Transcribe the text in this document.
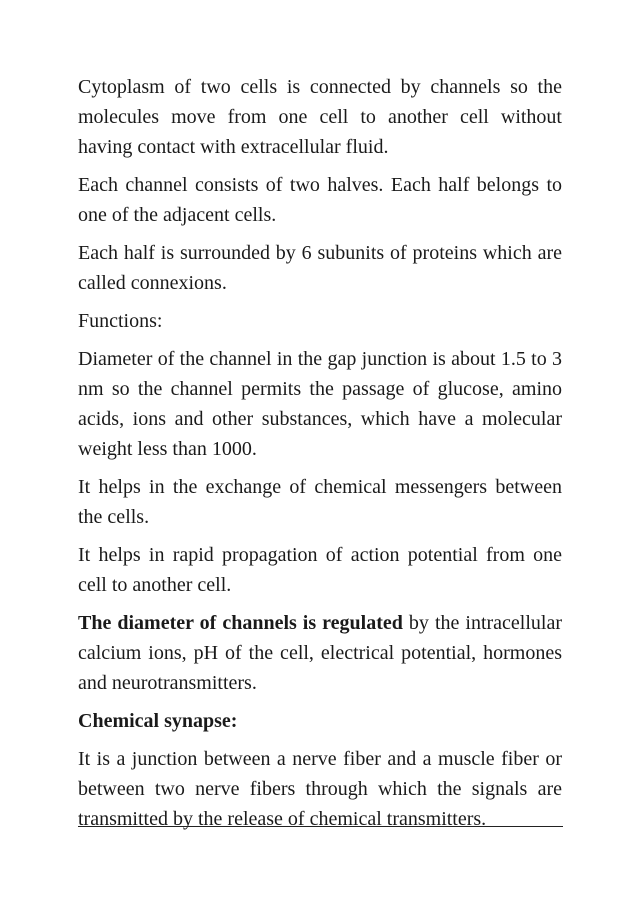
Cytoplasm of two cells is connected by channels so the molecules move from one cell to another cell without having contact with extracellular fluid.

Each channel consists of two halves. Each half belongs to one of the adjacent cells.

Each half is surrounded by 6 subunits of proteins which are called connexions.

Functions:

Diameter of the channel in the gap junction is about 1.5 to 3 nm so the channel permits the passage of glucose, amino acids, ions and other substances, which have a molecular weight less than 1000.

It helps in the exchange of chemical messengers between the cells.

It helps in rapid propagation of action potential from one cell to another cell.

The diameter of channels is regulated by the intracellular calcium ions, pH of the cell, electrical potential, hormones and neurotransmitters.

Chemical synapse:

It is a junction between a nerve fiber and a muscle fiber or between two nerve fibers through which the signals are transmitted by the release of chemical transmitters.
